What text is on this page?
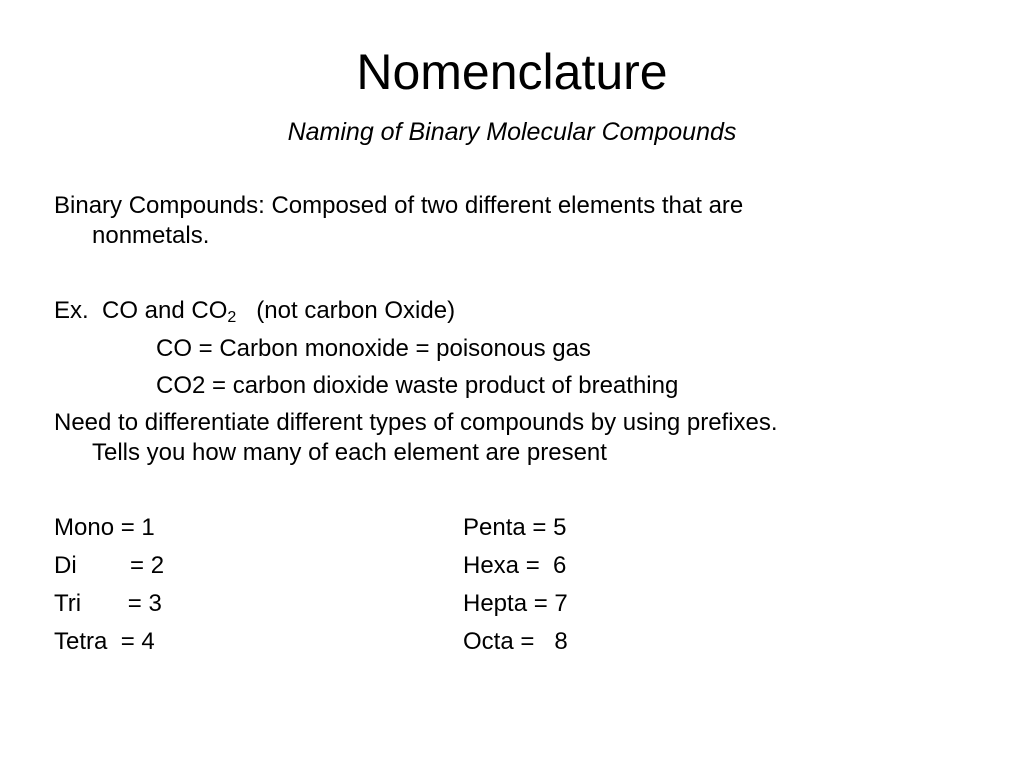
Nomenclature
Naming of Binary Molecular Compounds
Binary Compounds: Composed of two different elements that are
nonmetals.
Ex.  CO and $CO_2$   (not carbon Oxide)
CO = Carbon monoxide = poisonous gas
CO2 = carbon dioxide waste product of breathing
Need to differentiate different types of compounds by using prefixes.
Tells you how many of each element are present
Mono = 1
Di        = 2
Tri       = 3
Tetra  = 4
Penta = 5
Hexa =  6
Hepta = 7
Octa =   8
